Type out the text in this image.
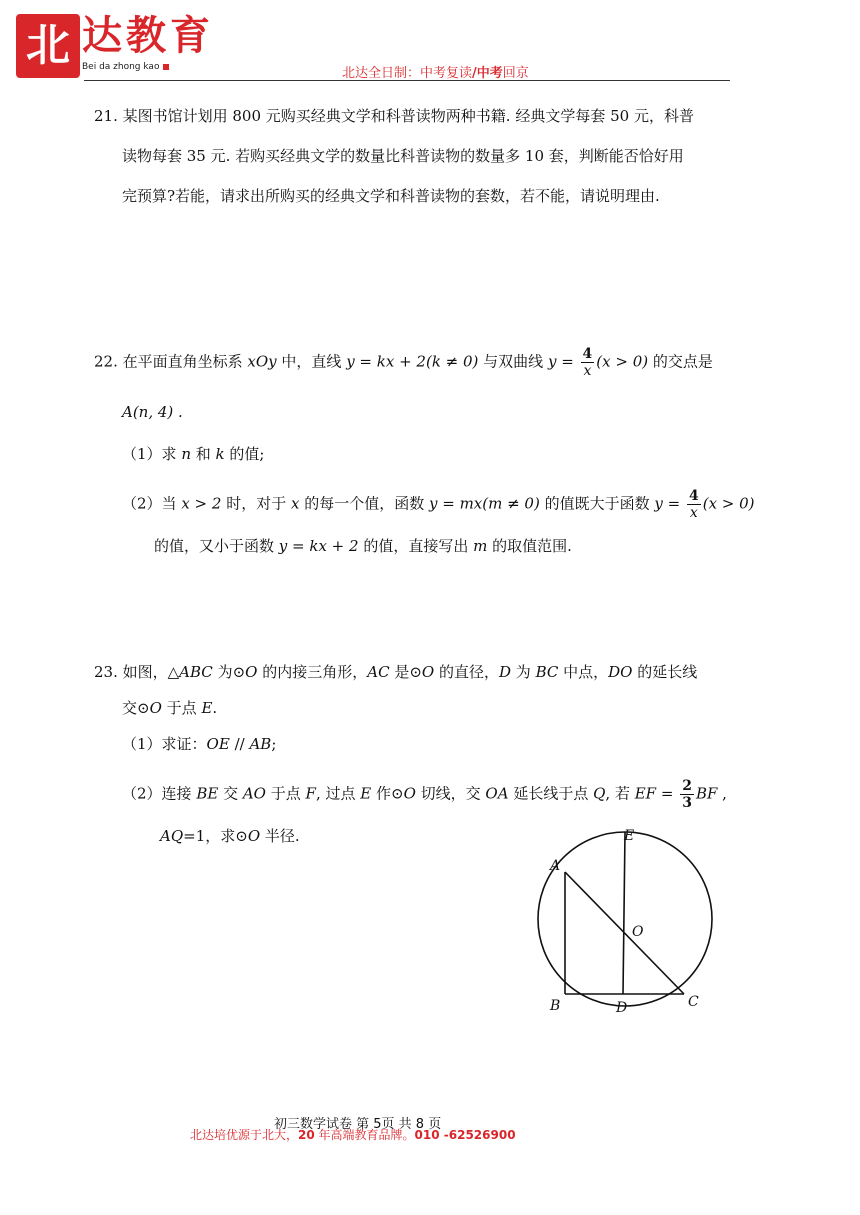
北 达教育
Bei da zhong kao	北达全日制：中考复读/中考回京
21. 某图书馆计划用 800 元购买经典文学和科普读物两种书籍. 经典文学每套 50 元，科普
读物每套 35 元. 若购买经典文学的数量比科普读物的数量多 10 套，判断能否恰好用
完预算?若能，请求出所购买的经典文学和科普读物的套数，若不能，请说明理由.
22. 在平面直角坐标系 xOy 中，直线 y = kx + 2(k ≠ 0) 与双曲线 $y = \frac{4}{x} (x > 0)$ 的交点是
A(n, 4) .
（1）求 n 和 k 的值;
（2）当 x > 2 时，对于 x 的每一个值，函数 y = mx(m ≠ 0) 的值既大于函数 $y = \frac{4}{x} (x > 0)$
的值，又小于函数 y = kx + 2 的值，直接写出 m 的取值范围.
23. 如图，△ABC 为⊙O 的内接三角形，AC 是⊙O 的直径，D 为 BC 中点，DO 的延长线
交⊙O 于点 E.
（1）求证：OE // AB;
（2）连接 BE 交 AO 于点 F, 过点 E 作⊙O 切线，交 OA 延长线于点 Q, 若 EF = $\frac{2}{3}$ BF ,
AQ=1，求⊙O 半径.	E
A
O
B	D	C
初三数学试卷 第 5页 共 8 页
北达培优源于北大，20 年高端教育品牌。010 -62526900
